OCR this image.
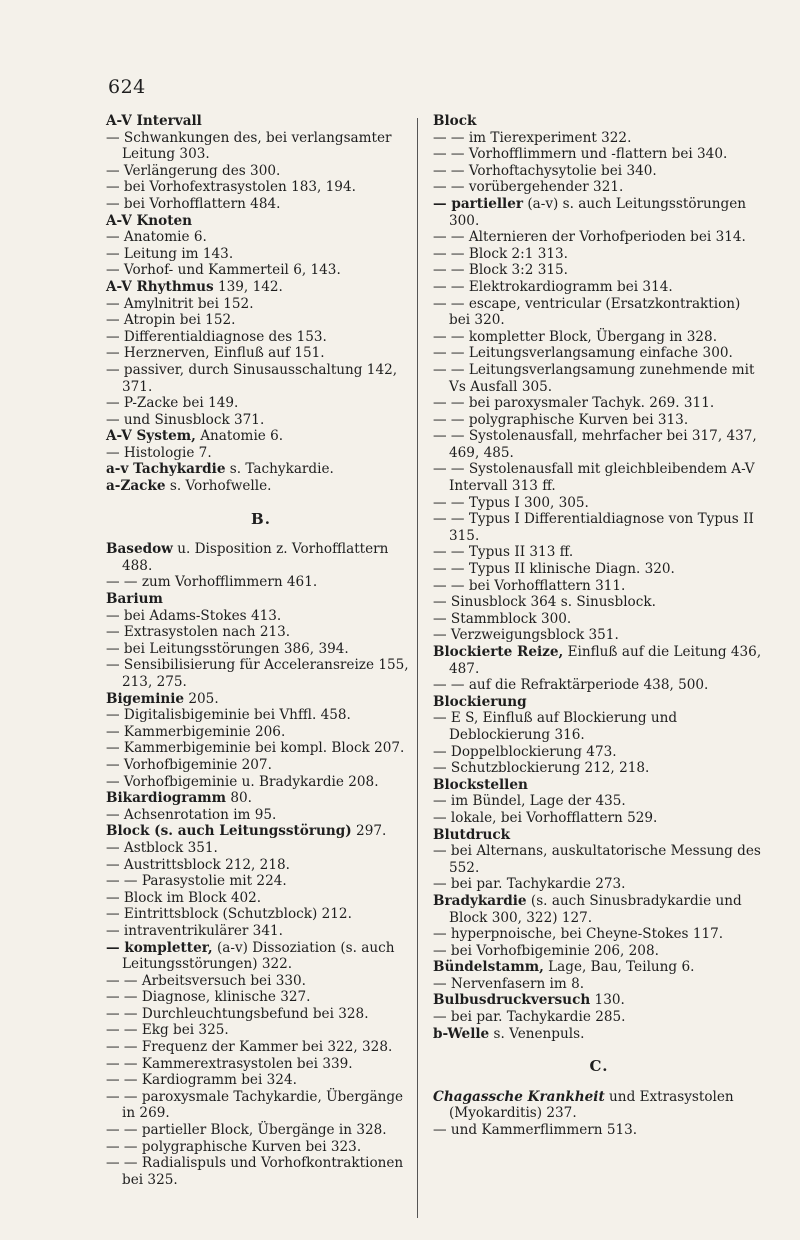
624
A-V Intervall
— Schwankungen des, bei verlangsamter Leitung 303.
— Verlängerung des 300.
— bei Vorhofextrasystolen 183, 194.
— bei Vorhofflattern 484.
A-V Knoten
— Anatomie 6.
— Leitung im 143.
— Vorhof- und Kammerteil 6, 143.
A-V Rhythmus 139, 142.
— Amylnitrit bei 152.
— Atropin bei 152.
— Differentialdiagnose des 153.
— Herznerven, Einfluß auf 151.
— passiver, durch Sinusausschaltung 142, 371.
— P-Zacke bei 149.
— und Sinusblock 371.
A-V System, Anatomie 6.
— Histologie 7.
a-v Tachykardie s. Tachykardie.
a-Zacke s. Vorhofwelle.
B.
Basedow u. Disposition z. Vorhofflattern 488.
— — zum Vorhofflimmern 461.
Barium
— bei Adams-Stokes 413.
— Extrasystolen nach 213.
— bei Leitungsstörungen 386, 394.
— Sensibilisierung für Acceleransreize 155, 213, 275.
Bigeminie 205.
— Digitalisbigeminie bei Vhffl. 458.
— Kammerbigeminie 206.
— Kammerbigeminie bei kompl. Block 207.
— Vorhofbigeminie 207.
— Vorhofbigeminie u. Bradykardie 208.
Bikardiogramm 80.
— Achsenrotation im 95.
Block (s. auch Leitungsstörung) 297.
— Astblock 351.
— Austrittsblock 212, 218.
— — Parasystolie mit 224.
— Block im Block 402.
— Eintrittsblock (Schutzblock) 212.
— intraventrikulärer 341.
— kompletter, (a-v) Dissoziation (s. auch Leitungsstörungen) 322.
— — Arbeitsversuch bei 330.
— — Diagnose, klinische 327.
— — Durchleuchtungsbefund bei 328.
— — Ekg bei 325.
— — Frequenz der Kammer bei 322, 328.
— — Kammerextrasystolen bei 339.
— — Kardiogramm bei 324.
— — paroxysmale Tachykardie, Übergänge in 269.
— — partieller Block, Übergänge in 328.
— — polygraphische Kurven bei 323.
— — Radialispuls und Vorhofkontraktionen bei 325.
Block
— — im Tierexperiment 322.
— — Vorhofflimmern und -flattern bei 340.
— — Vorhoftachysytolie bei 340.
— — vorübergehender 321.
— partieller (a-v) s. auch Leitungsstörungen 300.
— — Alternieren der Vorhofperioden bei 314.
— — Block 2:1 313.
— — Block 3:2 315.
— — Elektrokardiogramm bei 314.
— — escape, ventricular (Ersatzkontraktion) bei 320.
— — kompletter Block, Übergang in 328.
— — Leitungsverlangsamung einfache 300.
— — Leitungsverlangsamung zunehmende mit Vs Ausfall 305.
— — bei paroxysmaler Tachyk. 269. 311.
— — polygraphische Kurven bei 313.
— — Systolenausfall, mehrfacher bei 317, 437, 469, 485.
— — Systolenausfall mit gleichbleibendem A-V Intervall 313 ff.
— — Typus I 300, 305.
— — Typus I Differentialdiagnose von Typus II 315.
— — Typus II 313 ff.
— — Typus II klinische Diagn. 320.
— — bei Vorhofflattern 311.
— Sinusblock 364 s. Sinusblock.
— Stammblock 300.
— Verzweigungsblock 351.
Blockierte Reize, Einfluß auf die Leitung 436, 487.
— — auf die Refraktärperiode 438, 500.
Blockierung
— E S, Einfluß auf Blockierung und Deblockierung 316.
— Doppelblockierung 473.
— Schutzblockierung 212, 218.
Blockstellen
— im Bündel, Lage der 435.
— lokale, bei Vorhofflattern 529.
Blutdruck
— bei Alternans, auskultatorische Messung des 552.
— bei par. Tachykardie 273.
Bradykardie (s. auch Sinusbradykardie und Block 300, 322) 127.
— hyperpnoische, bei Cheyne-Stokes 117.
— bei Vorhofbigeminie 206, 208.
Bündelstamm, Lage, Bau, Teilung 6.
— Nervenfasern im 8.
Bulbusdruckversuch 130.
— bei par. Tachykardie 285.
b-Welle s. Venenpuls.
C.
Chagassche Krankheit und Extrasystolen (Myokarditis) 237.
— und Kammerflimmern 513.
